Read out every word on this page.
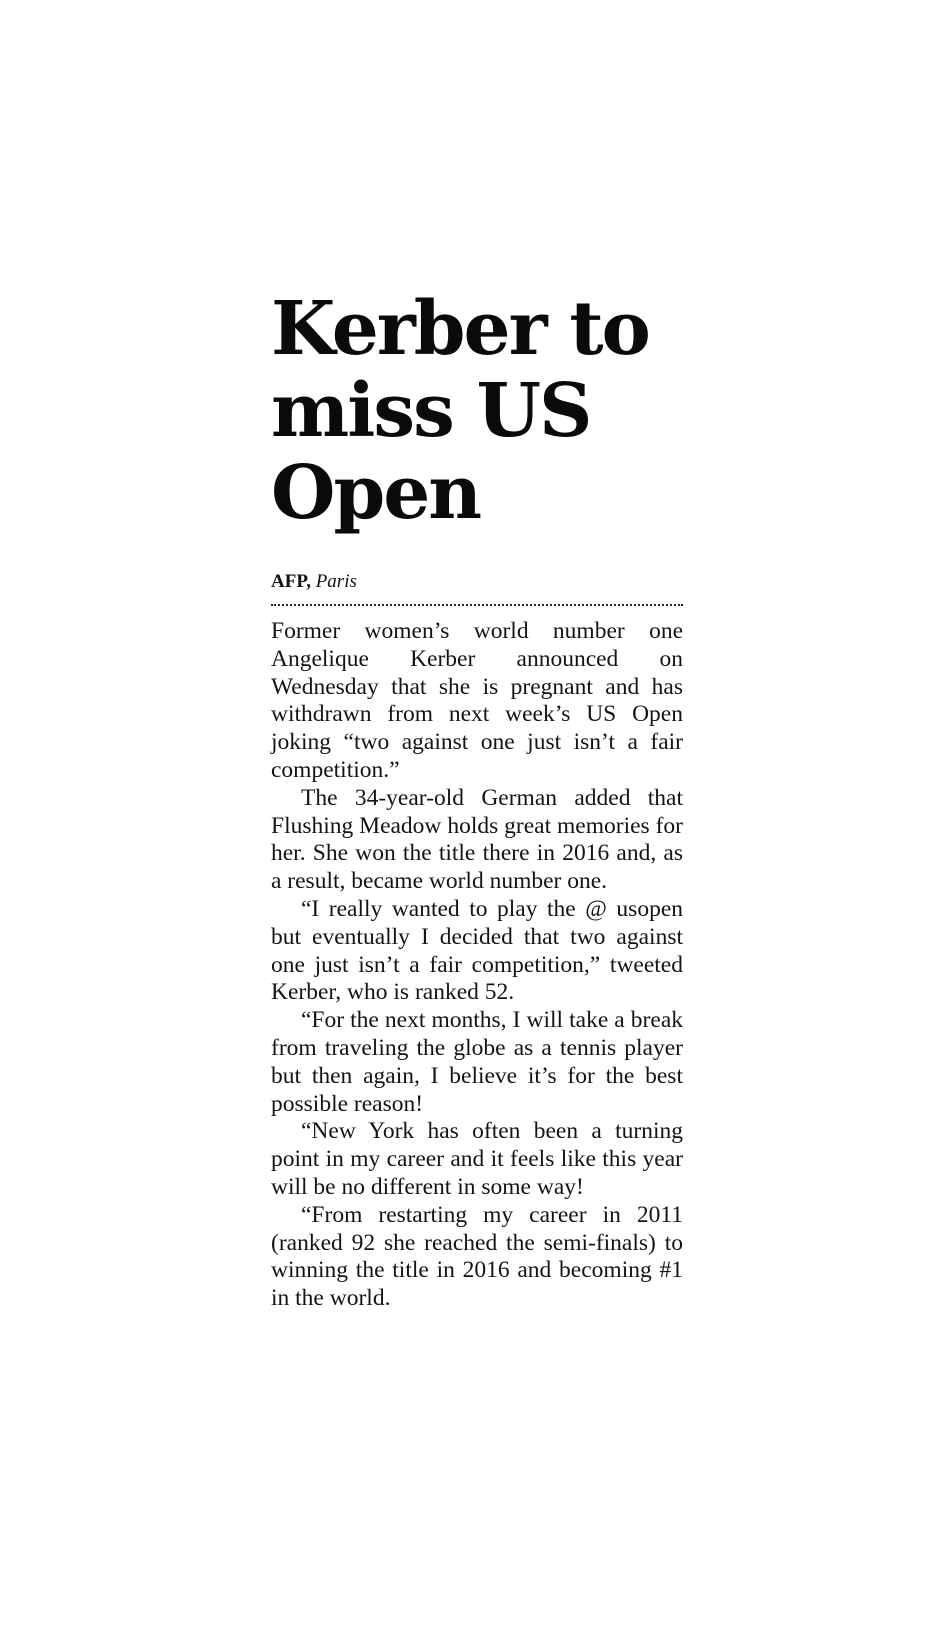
Kerber to miss US Open
AFP, Paris

Former women’s world number one Angelique Kerber announced on Wednesday that she is pregnant and has withdrawn from next week’s US Open joking “two against one just isn’t a fair competition.”

The 34-year-old German added that Flushing Meadow holds great memories for her. She won the title there in 2016 and, as a result, became world number one.

“I really wanted to play the @ usopen but eventually I decided that two against one just isn’t a fair competition,” tweeted Kerber, who is ranked 52.

“For the next months, I will take a break from traveling the globe as a tennis player but then again, I believe it’s for the best possible reason!

“New York has often been a turning point in my career and it feels like this year will be no different in some way!

“From restarting my career in 2011 (ranked 92 she reached the semi-finals) to winning the title in 2016 and becoming #1 in the world.
